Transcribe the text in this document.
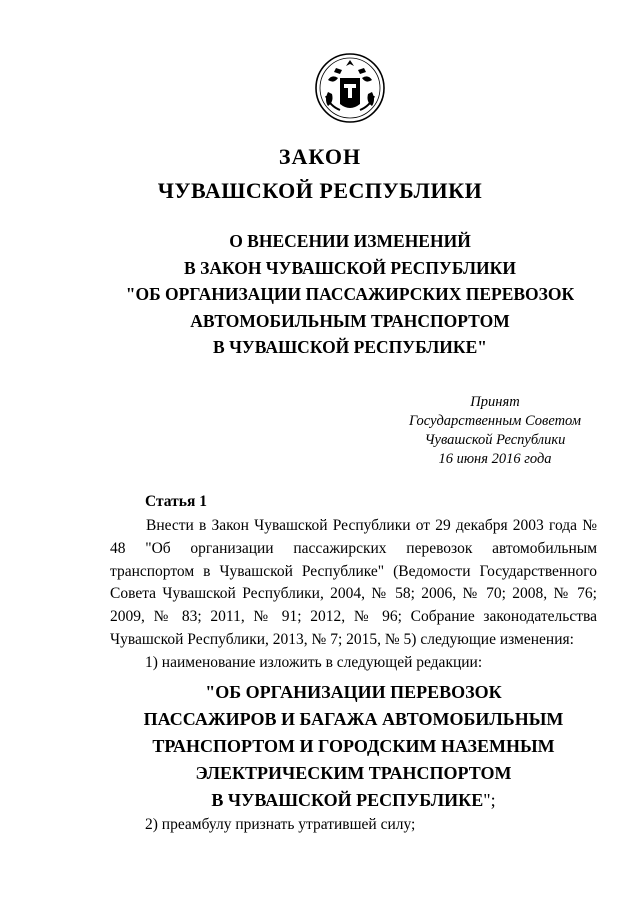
ЗАКОН

ЧУВАШСКОЙ РЕСПУБЛИКИ

О ВНЕСЕНИИ ИЗМЕНЕНИЙ
В ЗАКОН ЧУВАШСКОЙ РЕСПУБЛИКИ
"ОБ ОРГАНИЗАЦИИ ПАССАЖИРСКИХ ПЕРЕВОЗОК
АВТОМОБИЛЬНЫМ ТРАНСПОРТОМ
В ЧУВАШСКОЙ РЕСПУБЛИКЕ"
Принят
Государственным Советом
Чувашской Республики
16 июня 2016 года
Статья 1

Внести в Закон Чувашской Республики от 29 декабря 2003 года № 48 "Об организации пассажирских перевозок автомобильным транспортом в Чувашской Республике" (Ведомости Государственного Совета Чувашской Республики, 2004, № 58; 2006, № 70; 2008, № 76; 2009, № 83; 2011, № 91; 2012, № 96; Собрание законодательства Чувашской Республики, 2013, № 7; 2015, № 5) следующие изменения:

1) наименование изложить в следующей редакции:

"ОБ ОРГАНИЗАЦИИ ПЕРЕВОЗОК
ПАССАЖИРОВ И БАГАЖА АВТОМОБИЛЬНЫМ
ТРАНСПОРТОМ И ГОРОДСКИМ НАЗЕМНЫМ
ЭЛЕКТРИЧЕСКИМ ТРАНСПОРТОМ
В ЧУВАШСКОЙ РЕСПУБЛИКЕ";

2) преамбулу признать утратившей силу;
